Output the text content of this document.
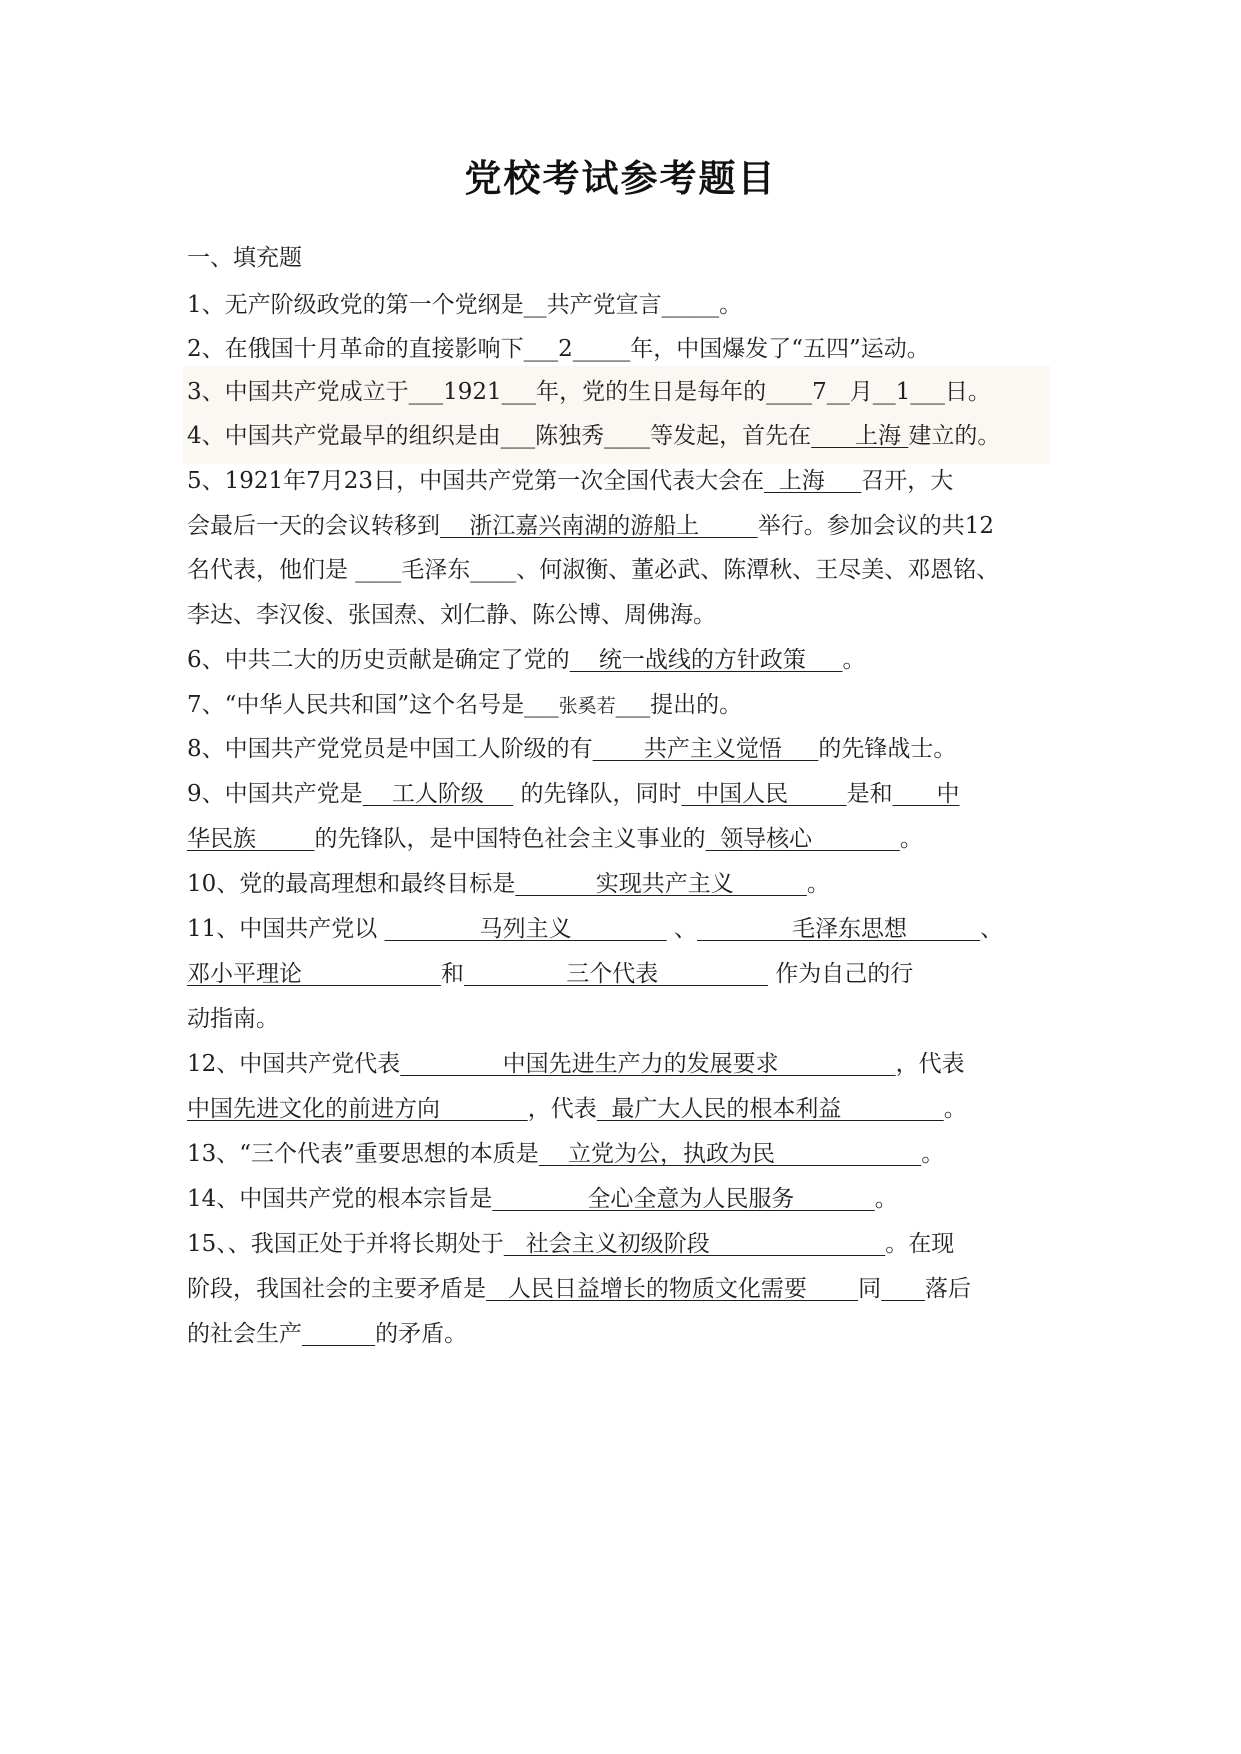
党校考试参考题目
一、填充题
1、无产阶级政党的第一个党纲是__共产党宣言_____。
2、在俄国十月革命的直接影响下___2_____年，中国爆发了“五四”运动。
3、中国共产党成立于___1921___年，党的生日是每年的____7__月__1___日。
4、中国共产党最早的组织是由___陈独秀____等发起，首先在      上海 建立的。
5、1921年7月23日，中国共产党第一次全国代表大会在  上海     召开，大
会最后一天的会议转移到    浙江嘉兴南湖的游船上        举行。参加会议的共12
名代表，他们是 ____毛泽东____、何淑衡、董必武、陈潭秋、王尽美、邓恩铭、
李达、李汉俊、张国焘、刘仁静、陈公博、周佛海。
6、中共二大的历史贡献是确定了党的    统一战线的方针政策     。
7、“中华人民共和国”这个名号是___张奚若___提出的。
8、中国共产党党员是中国工人阶级的有       共产主义觉悟     的先锋战士。
9、中国共产党是    工人阶级     的先锋队，同时  中国人民        是和      中
华民族        的先锋队，是中国特色社会主义事业的  领导核心            。
10、党的最高理想和最终目标是           实现共产主义          。
11、中国共产党以              马列主义              、             毛泽东思想          、
邓小平理论                   和              三个代表                作为自己的行
动指南。
12、中国共产党代表              中国先进生产力的发展要求                ，代表
中国先进文化的前进方向            ，代表  最广大人民的根本利益              。
13、“三个代表”重要思想的本质是    立党为公，执政为民                    。
14、中国共产党的根本宗旨是             全心全意为人民服务           。
15、、我国正处于并将长期处于   社会主义初级阶段                        。在现
阶段，我国社会的主要矛盾是   人民日益增长的物质文化需要       同 落后
的社会生产	的矛盾。
